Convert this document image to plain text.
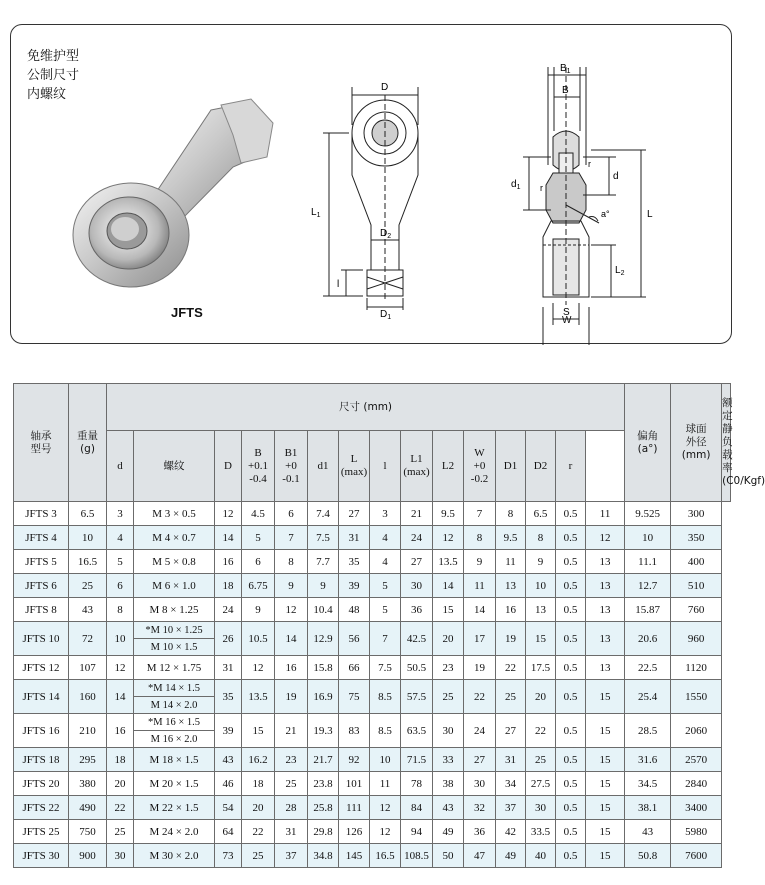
免维护型
公制尺寸
内螺纹
JFTS
D
$D_2$
$D_1$
$L_1$
l
$B_1$
B
$d_1$
d
r
r
a°	L
$L_2$
S
W
轴承
型号	重量
(g)	尺寸 (mm)															偏角
(a°)	球面
外径
(mm)	额定静
负载率
(C0/Kgf)
		d	螺纹	D	B
+0.1
-0.4	B1
+0
-0.1	d1	L
(max)	l	L1
(max)	L2	W
+0
-0.2	D1	D2	r				
JFTS 3	6.5	3	M 3 × 0.5	12	4.5	6	7.4	27	3	21	9.5	7	8	6.5	0.5	11	9.525	300	
JFTS 4	10	4	M 4 × 0.7	14	5	7	7.5	31	4	24	12	8	9.5	8	0.5	12	10	350	
JFTS 5	16.5	5	M 5 × 0.8	16	6	8	7.7	35	4	27	13.5	9	11	9	0.5	13	11.1	400	
JFTS 6	25	6	M 6 × 1.0	18	6.75	9	9	39	5	30	14	11	13	10	0.5	13	12.7	510	
JFTS 8	43	8	M 8 × 1.25	24	9	12	10.4	48	5	36	15	14	16	13	0.5	13	15.87	760	
JFTS 10	72	10	*M 10 × 1.25	26	10.5	14	12.9	56	7	42.5	20	17	19	15	0.5	13	20.6	960	
			M 10 × 1.5																
JFTS 12	107	12	M 12 × 1.75	31	12	16	15.8	66	7.5	50.5	23	19	22	17.5	0.5	13	22.5	1120	
JFTS 14	160	14	*M 14 × 1.5	35	13.5	19	16.9	75	8.5	57.5	25	22	25	20	0.5	15	25.4	1550	
			M 14 × 2.0																
JFTS 16	210	16	*M 16 × 1.5	39	15	21	19.3	83	8.5	63.5	30	24	27	22	0.5	15	28.5	2060	
			M 16 × 2.0																
JFTS 18	295	18	M 18 × 1.5	43	16.2	23	21.7	92	10	71.5	33	27	31	25	0.5	15	31.6	2570	
JFTS 20	380	20	M 20 × 1.5	46	18	25	23.8	101	11	78	38	30	34	27.5	0.5	15	34.5	2840	
JFTS 22	490	22	M 22 × 1.5	54	20	28	25.8	111	12	84	43	32	37	30	0.5	15	38.1	3400	
JFTS 25	750	25	M 24 × 2.0	64	22	31	29.8	126	12	94	49	36	42	33.5	0.5	15	43	5980	
JFTS 30	900	30	M 30 × 2.0	73	25	37	34.8	145	16.5	108.5	50	47	49	40	0.5	15	50.8	7600	
